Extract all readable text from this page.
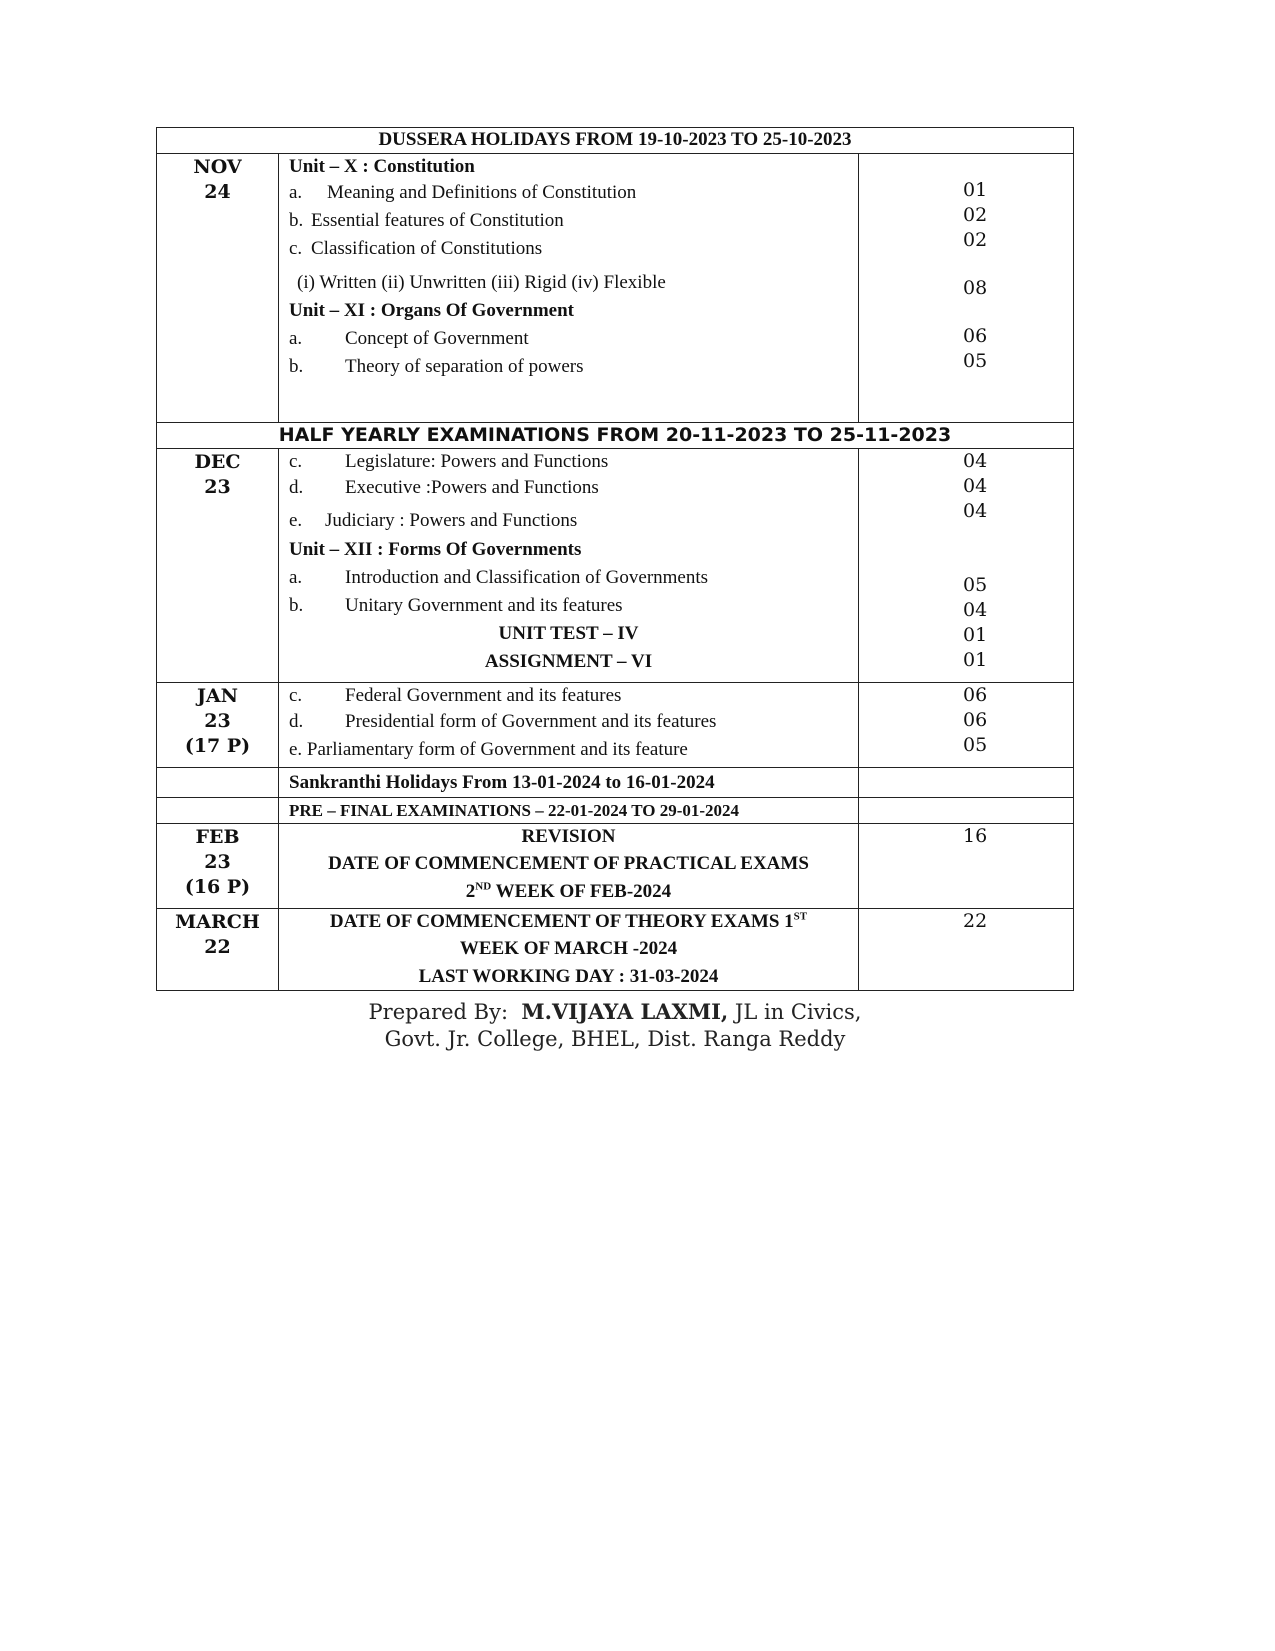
DUSSERA HOLIDAYS FROM 19-10-2023 TO 25-10-2023
NOV
24
Unit – X : Constitution
a. Meaning and Definitions of Constitution
b. Essential features of Constitution
c. Classification of Constitutions
(i) Written (ii) Unwritten (iii) Rigid (iv) Flexible
Unit – XI : Organs Of Government
a. Concept of Government
b. Theory of separation of powers
01
02
02
08
06
05
HALF YEARLY EXAMINATIONS FROM 20-11-2023 TO 25-11-2023
DEC
23
c. Legislature: Powers and Functions
d. Executive :Powers and Functions
e. Judiciary : Powers and Functions
Unit – XII : Forms Of Governments
a. Introduction and Classification of Governments
b. Unitary Government and its features
UNIT TEST – IV
ASSIGNMENT – VI
04
04
04
05
04
01
01
JAN
23
(17 P)
c. Federal Government and its features
d. Presidential form of Government and its features
e. Parliamentary form of Government and its feature
06
06
05
Sankranthi Holidays From 13-01-2024 to 16-01-2024
PRE – FINAL EXAMINATIONS – 22-01-2024 TO 29-01-2024
FEB
23
(16 P)
REVISION
DATE OF COMMENCEMENT OF PRACTICAL EXAMS
2ND WEEK OF FEB-2024
16
MARCH
22
DATE OF COMMENCEMENT OF THEORY EXAMS 1ST
WEEK OF MARCH -2024
LAST WORKING DAY : 31-03-2024
22
Prepared By:  M.VIJAYA LAXMI, JL in Civics,
Govt. Jr. College, BHEL, Dist. Ranga Reddy
